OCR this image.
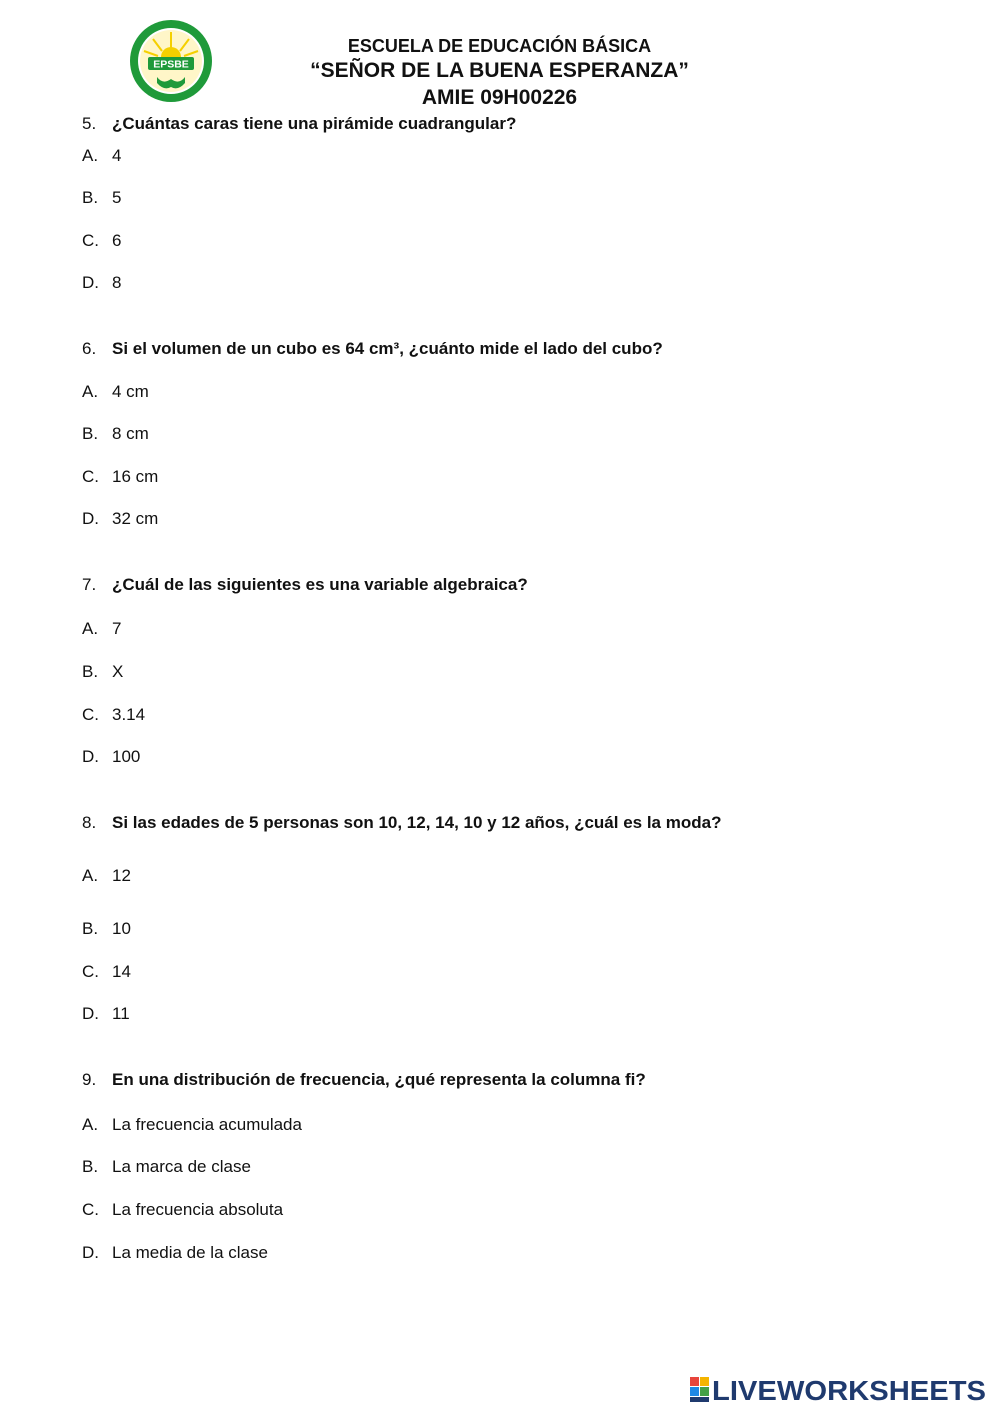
EPSBE
ESCUELA DE EDUCACIÓN BÁSICA
“SEÑOR DE LA BUENA ESPERANZA”
AMIE 09H00226
5. ¿Cuántas caras tiene una pirámide cuadrangular?
A. 4
B. 5
C. 6
D. 8
6. Si el volumen de un cubo es 64 cm³, ¿cuánto mide el lado del cubo?
A. 4 cm
B. 8 cm
C. 16 cm
D. 32 cm
7. ¿Cuál de las siguientes es una variable algebraica?
A. 7
B. X
C. 3.14
D. 100
8. Si las edades de 5 personas son 10, 12, 14, 10 y 12 años, ¿cuál es la moda?
A. 12
B. 10
C. 14
D. 11
9. En una distribución de frecuencia, ¿qué representa la columna fi?
A. La frecuencia acumulada
B. La marca de clase
C. La frecuencia absoluta
D. La media de la clase
LIVEWORKSHEETS
